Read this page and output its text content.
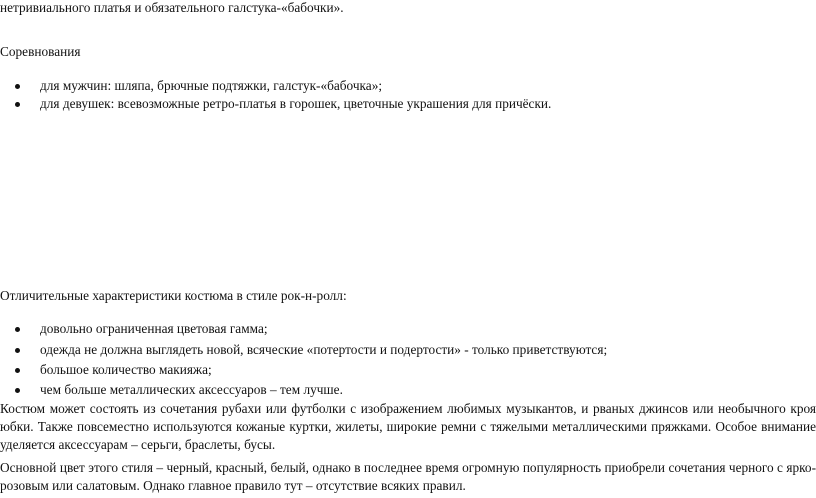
нетривиального платья и обязательного галстука-«бабочки».
Соревнования
для мужчин: шляпа, брючные подтяжки, галстук-«бабочка»;
для девушек: всевозможные ретро-платья в горошек, цветочные украшения для причёски.
Отличительные характеристики костюма в стиле рок-н-ролл:
довольно ограниченная цветовая гамма;
одежда не должна выглядеть новой, всяческие «потертости и подертости» - только приветствуются;
большое количество макияжа;
чем больше металлических аксессуаров – тем лучше.
Костюм может состоять из сочетания рубахи или футболки с изображением любимых музыкантов, и рваных джинсов или необычного кроя
юбки. Также повсеместно используются кожаные куртки, жилеты, широкие ремни с тяжелыми металлическими пряжками. Особое внимание
уделяется аксессуарам – серьги, браслеты, бусы.
Основной цвет этого стиля – черный, красный, белый, однако в последнее время огромную популярность приобрели сочетания черного с ярко-
розовым или салатовым. Однако главное правило тут – отсутствие всяких правил.
